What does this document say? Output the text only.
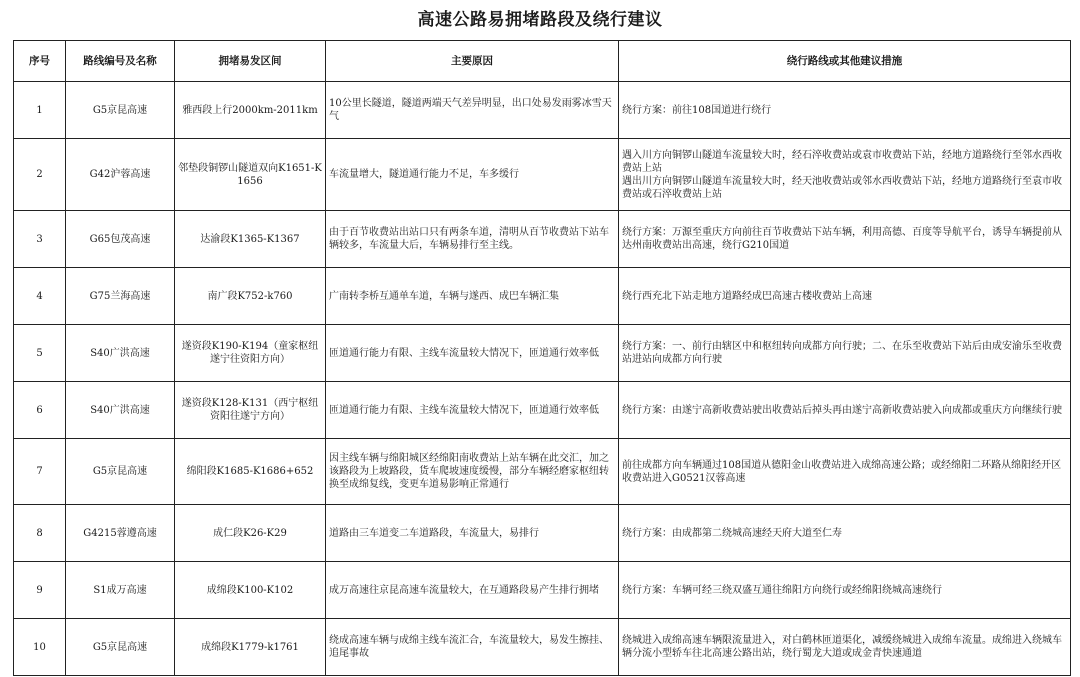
高速公路易拥堵路段及绕行建议
序号	路线编号及名称	拥堵易发区间	主要原因	绕行路线或其他建议措施
1	G5京昆高速	雅西段上行2000km-2011km	10公里长隧道，隧道两端天气差异明显，出口处易发雨雾冰雪天气	绕行方案：前往108国道进行绕行
2	G42沪蓉高速	邻垫段铜锣山隧道双向K1651-K1656	车流量增大，隧道通行能力不足，车多缓行	遇入川方向铜锣山隧道车流量较大时，经石淬收费站或袁市收费站下站，经地方道路绕行至邻水西收费站上站
遇出川方向铜锣山隧道车流量较大时，经天池收费站或邻水西收费站下站，经地方道路绕行至袁市收费站或石淬收费站上站

3	G65包茂高速	达渝段K1365-K1367	由于百节收费站出站口只有两条车道，清明从百节收费站下站车辆较多，车流量大后，车辆易排行至主线。	绕行方案：万源至重庆方向前往百节收费站下站车辆，利用高德、百度等导航平台，诱导车辆提前从达州南收费站出高速，绕行G210国道
4	G75兰海高速	南广段K752-k760	广南转李桥互通单车道，车辆与遂西、成巴车辆汇集	绕行西充北下站走地方道路经成巴高速古楼收费站上高速
5	S40广洪高速	遂资段K190-K194（童家枢纽遂宁往资阳方向）	匝道通行能力有限、主线车流量较大情况下，匝道通行效率低	绕行方案：一、前行由辖区中和枢纽转向成都方向行驶；二、在乐至收费站下站后由成安渝乐至收费站进站向成都方向行驶
6	S40广洪高速	遂资段K128-K131（西宁枢纽资阳往遂宁方向）	匝道通行能力有限、主线车流量较大情况下，匝道通行效率低	绕行方案：由遂宁高新收费站驶出收费站后掉头再由遂宁高新收费站驶入向成都或重庆方向继续行驶
7	G5京昆高速	绵阳段K1685-K1686+652	因主线车辆与绵阳城区经绵阳南收费站上站车辆在此交汇，加之该路段为上坡路段，货车爬坡速度缓慢，部分车辆经磨家枢纽转换至成绵复线，变更车道易影响正常通行	前往成都方向车辆通过108国道从德阳金山收费站进入成绵高速公路；或经绵阳二环路从绵阳经开区收费站进入G0521汉蓉高速
8	G4215蓉遵高速	成仁段K26-K29	道路由三车道变二车道路段，车流量大，易排行	绕行方案：由成都第二绕城高速经天府大道至仁寿
9	S1成万高速	成绵段K100-K102	成万高速往京昆高速车流量较大，在互通路段易产生排行拥堵	绕行方案：车辆可经三绕双盛互通往绵阳方向绕行或经绵阳绕城高速绕行
10	G5京昆高速	成绵段K1779-k1761	绕成高速车辆与成绵主线车流汇合，车流量较大，易发生擦挂、追尾事故	绕城进入成绵高速车辆限流量进入，对白鹤林匝道渠化，减缓绕城进入成绵车流量。成绵进入绕城车辆分流小型轿车往北高速公路出站，绕行蜀龙大道或成金青快速通道
